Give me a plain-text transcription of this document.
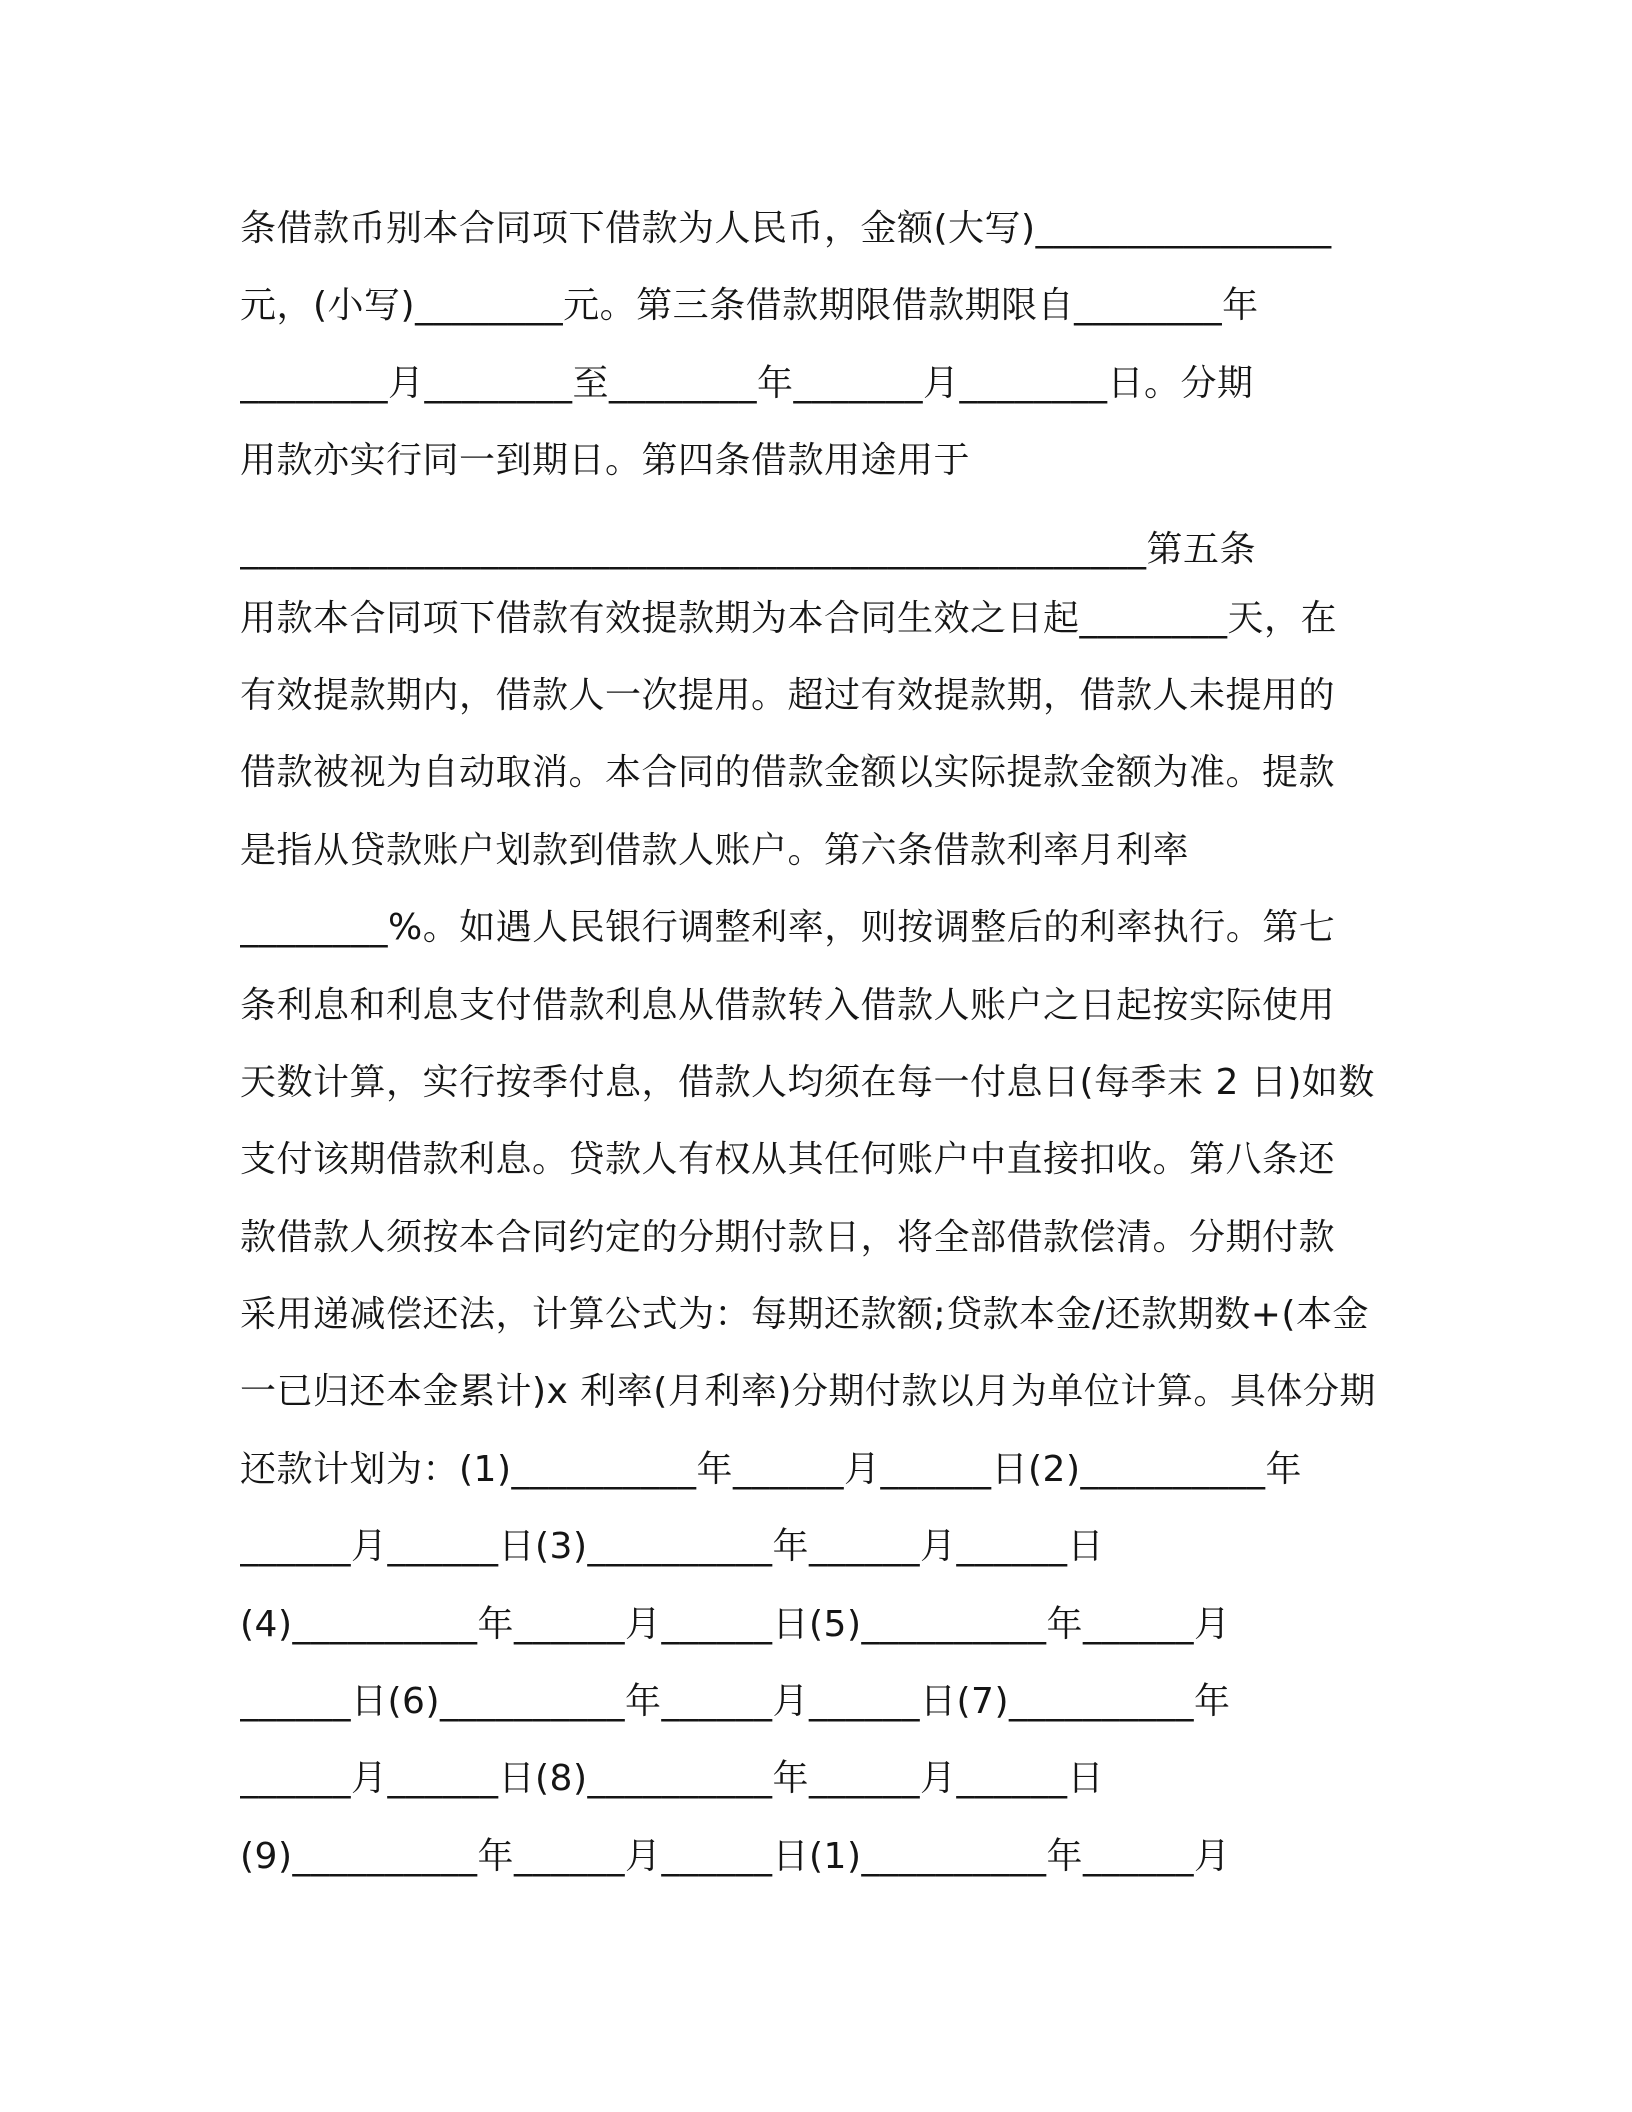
条借款币别本合同项下借款为人民币，金额(大写)________________
元，(小写)________元。第三条借款期限借款期限自________年
________月________至________年_______月________日。分期
用款亦实行同一到期日。第四条借款用途用于
_________________________________________________第五条
用款本合同项下借款有效提款期为本合同生效之日起________天，在
有效提款期内，借款人一次提用。超过有效提款期，借款人未提用的
借款被视为自动取消。本合同的借款金额以实际提款金额为准。提款
是指从贷款账户划款到借款人账户。第六条借款利率月利率
________%。如遇人民银行调整利率，则按调整后的利率执行。第七
条利息和利息支付借款利息从借款转入借款人账户之日起按实际使用
天数计算，实行按季付息，借款人均须在每一付息日(每季末 2 日)如数
支付该期借款利息。贷款人有权从其任何账户中直接扣收。第八条还
款借款人须按本合同约定的分期付款日，将全部借款偿清。分期付款
采用递减偿还法，计算公式为：每期还款额;贷款本金/还款期数+(本金
一已归还本金累计)x 利率(月利率)分期付款以月为单位计算。具体分期
还款计划为：(1)__________年______月______日(2)__________年
______月______日(3)__________年______月______日
(4)__________年______月______日(5)__________年______月
______日(6)__________年______月______日(7)__________年
______月______日(8)__________年______月______日
(9)__________年______月______日(1)__________年______月
